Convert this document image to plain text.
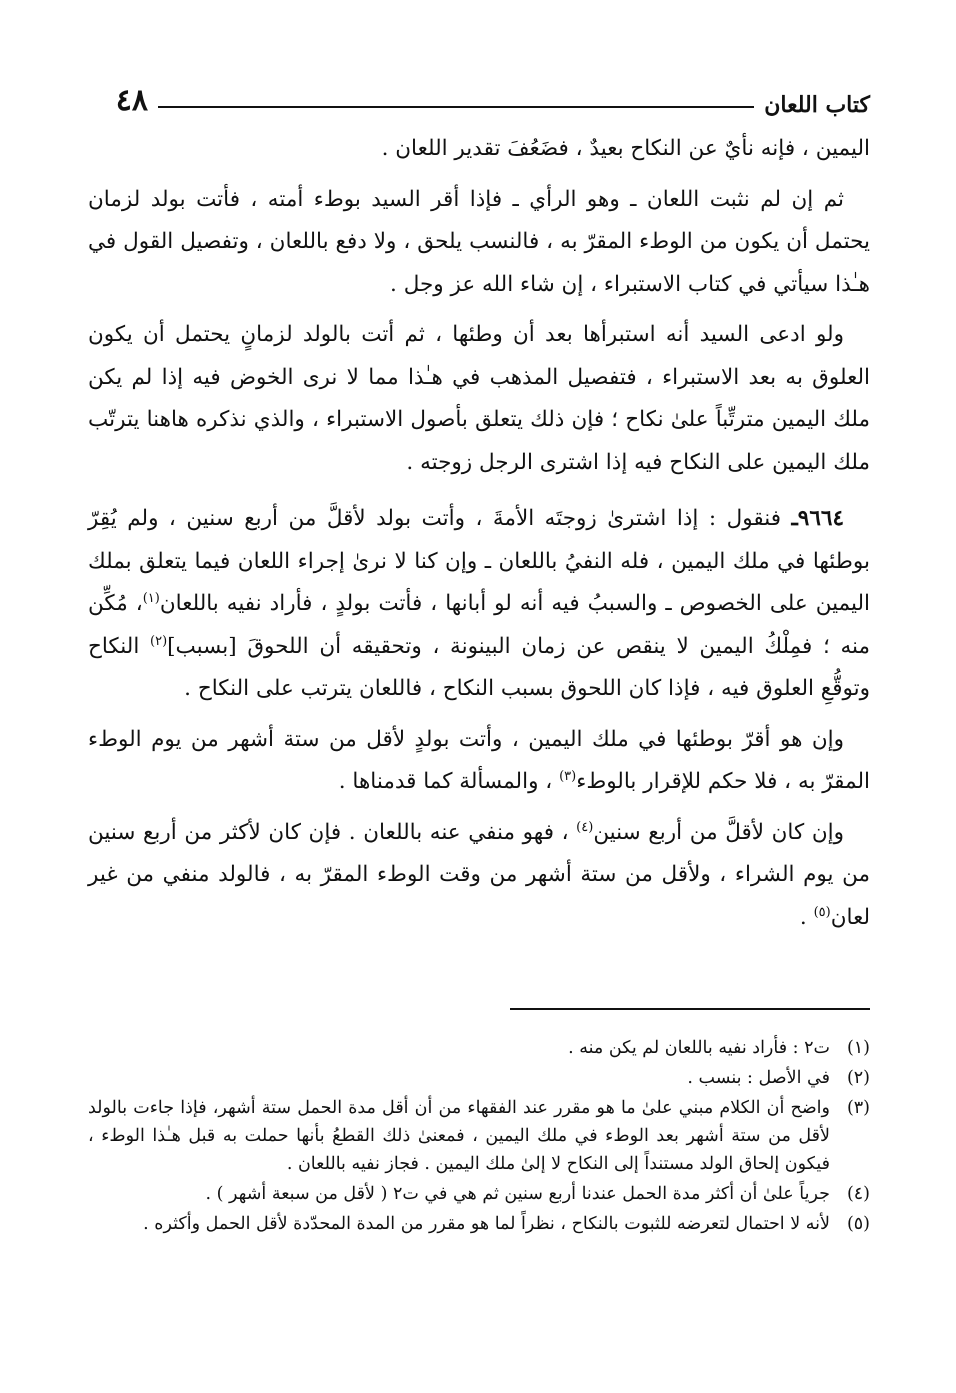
كتاب اللعان
٤٨

اليمين ، فإنه نأيٌ عن النكاح بعيدٌ ، فضَعُفَ تقدير اللعان .

ثم إن لم نثبت اللعان ـ وهو الرأي ـ فإذا أقر السيد بوطء أمته ، فأتت بولد لزمان يحتمل أن يكون من الوطء المقرّ به ، فالنسب يلحق ، ولا دفع باللعان ، وتفصيل القول في هـٰذا سيأتي في كتاب الاستبراء ، إن شاء الله عز وجل .

ولو ادعى السيد أنه استبرأها بعد أن وطئها ، ثم أتت بالولد لزمانٍ يحتمل أن يكون العلوق به بعد الاستبراء ، فتفصيل المذهب في هـٰذا مما لا نرى الخوض فيه إذا لم يكن ملك اليمين مترتِّباً علىٰ نكاح ؛ فإن ذلك يتعلق بأصول الاستبراء ، والذي نذكره هاهنا يترتّب ملك اليمين على النكاح فيه إذا اشترى الرجل زوجته .

٩٦٦٤ـ فنقول : إذا اشترىٰ زوجتَه الأمةَ ، وأتت بولد لأقلَّ من أربع سنين ، ولم يُقِرّ بوطئها في ملك اليمين ، فله النفيُ باللعان ـ وإن كنا لا نرىٰ إجراء اللعان فيما يتعلق بملك اليمين على الخصوص ـ والسببُ فيه أنه لو أبانها ، فأتت بولدٍ ، فأراد نفيه باللعان$^{(١)}$، مُكِّن منه ؛ فمِلْكُ اليمين لا ينقص عن زمان البينونة ، وتحقيقه أن اللحوقَ [بسبب]$^{(٢)}$ النكاح وتوقُّعِ العلوق فيه ، فإذا كان اللحوق بسبب النكاح ، فاللعان يترتب على النكاح .

وإن هو أقرّ بوطئها في ملك اليمين ، وأتت بولدٍ لأقل من ستة أشهر من يوم الوطء المقرّ به ، فلا حكم للإقرار بالوطء$^{(٣)}$ ، والمسألة كما قدمناها .

وإن كان لأقلَّ من أربع سنين$^{(٤)}$ ، فهو منفي عنه باللعان . فإن كان لأكثر من أربع سنين من يوم الشراء ، ولأقل من ستة أشهر من وقت الوطء المقرّ به ، فالولد منفي من غير لعان$^{(٥)}$ .

(١)
ت٢ : فأراد نفيه باللعان لم يكن منه .
(٢)
في الأصل : بنسب .
(٣)
واضح أن الكلام مبني علىٰ ما هو مقرر عند الفقهاء من أن أقل مدة الحمل ستة أشهر، فإذا جاءت بالولد لأقل من ستة أشهر بعد الوطء في ملك اليمين ، فمعنىٰ ذلك القطعُ بأنها حملت به قبل هـٰذا الوطء ، فيكون إلحاق الولد مستنداً إلى النكاح لا إلىٰ ملك اليمين . فجاز نفيه باللعان .
(٤)
جرياً علىٰ أن أكثر مدة الحمل عندنا أربع سنين ثم هي في ت٢ ( لأقل من سبعة أشهر ) .
(٥)
لأنه لا احتمال لتعرضه للثبوت بالنكاح ، نظراً لما هو مقرر من المدة المحدّدة لأقل الحمل وأكثره .
